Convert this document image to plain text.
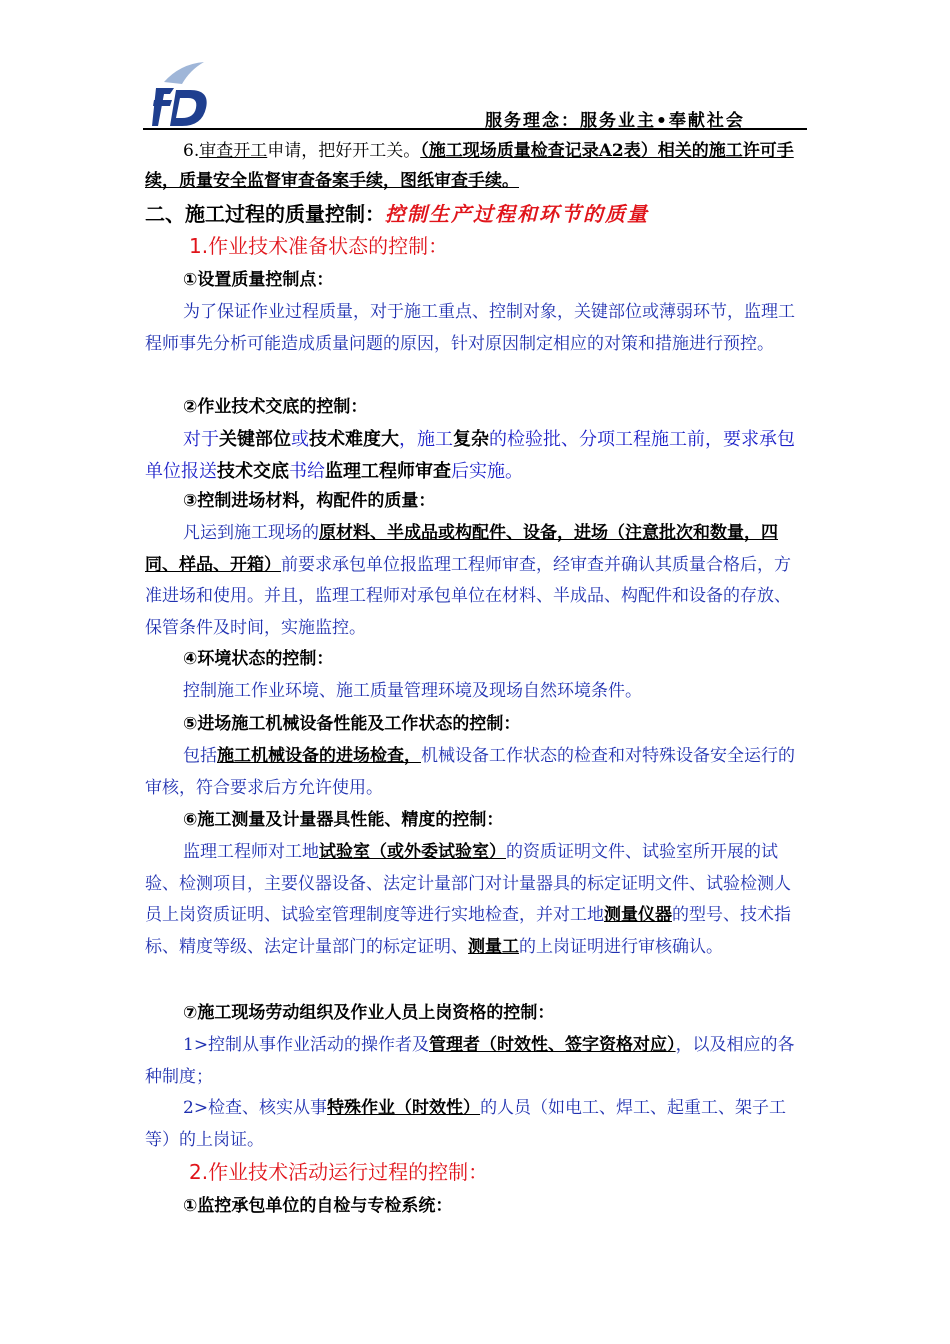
服务理念：服务业主•奉献社会

6.审查开工申请，把好开工关。（施工现场质量检查记录A2表）相关的施工许可手续，质量安全监督审查备案手续，图纸审查手续。

二、施工过程的质量控制：控制生产过程和环节的质量
1.作业技术准备状态的控制：
①设置质量控制点：

为了保证作业过程质量，对于施工重点、控制对象，关键部位或薄弱环节，监理工程师事先分析可能造成质量问题的原因，针对原因制定相应的对策和措施进行预控。

②作业技术交底的控制：

对于关键部位或技术难度大，施工复杂的检验批、分项工程施工前，要求承包单位报送技术交底书给监理工程师审查后实施。

③控制进场材料，构配件的质量：

凡运到施工现场的原材料、半成品或构配件、设备，进场（注意批次和数量，四同、样品、开箱）前要求承包单位报监理工程师审查，经审查并确认其质量合格后，方准进场和使用。并且，监理工程师对承包单位在材料、半成品、构配件和设备的存放、保管条件及时间，实施监控。

④环境状态的控制：

控制施工作业环境、施工质量管理环境及现场自然环境条件。

⑤进场施工机械设备性能及工作状态的控制：

包括施工机械设备的进场检查，机械设备工作状态的检查和对特殊设备安全运行的审核，符合要求后方允许使用。

⑥施工测量及计量器具性能、精度的控制：

监理工程师对工地试验室（或外委试验室）的资质证明文件、试验室所开展的试验、检测项目，主要仪器设备、法定计量部门对计量器具的标定证明文件、试验检测人员上岗资质证明、试验室管理制度等进行实地检查，并对工地测量仪器的型号、技术指标、精度等级、法定计量部门的标定证明、测量工的上岗证明进行审核确认。

⑦施工现场劳动组织及作业人员上岗资格的控制：

1>控制从事作业活动的操作者及管理者（时效性、签字资格对应），以及相应的各种制度；

2>检查、核实从事特殊作业（时效性）的人员（如电工、焊工、起重工、架子工等）的上岗证。

2.作业技术活动运行过程的控制：
①监控承包单位的自检与专检系统：
